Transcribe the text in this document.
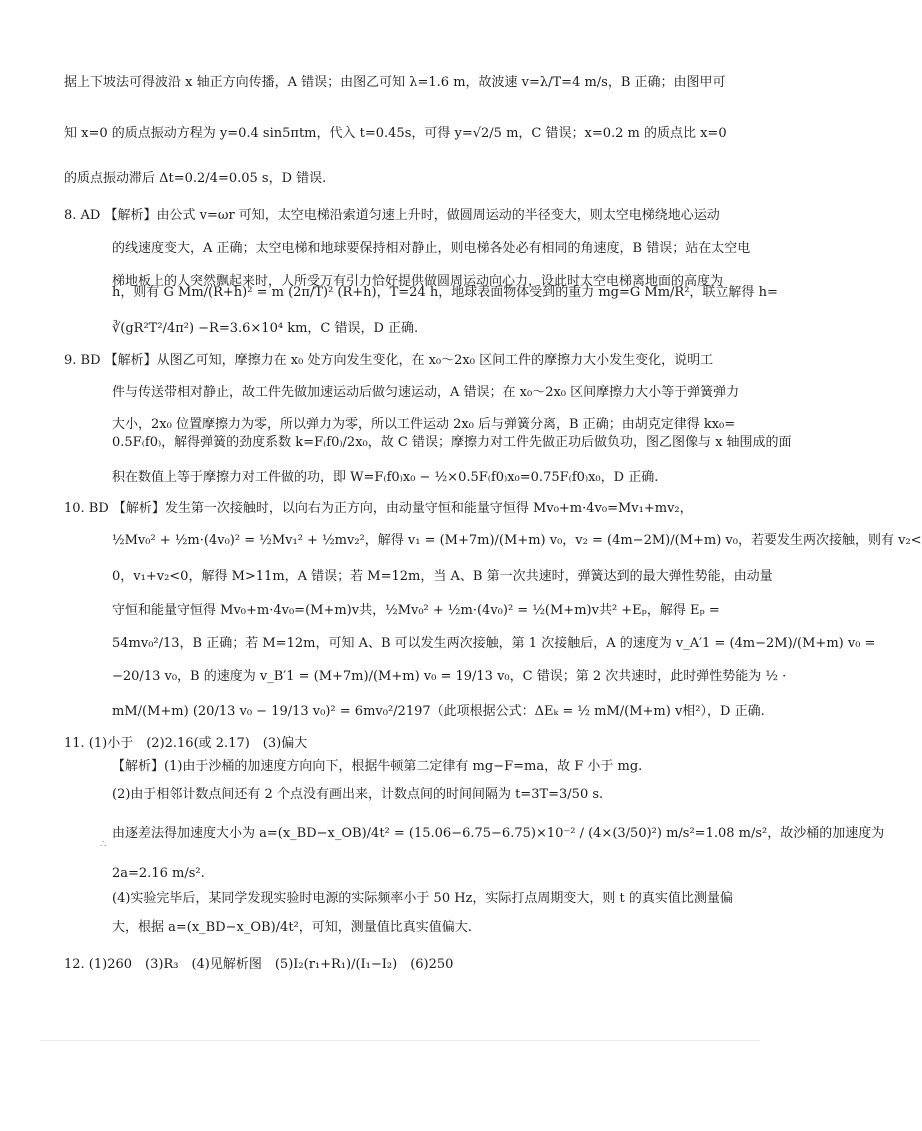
∴

据上下坡法可得波沿 x 轴正方向传播，A 错误；由图乙可知 λ=1.6 m，故波速 v=λ/T=4 m/s，B 正确；由图甲可

知 x=0 的质点振动方程为 y=0.4 sin5πtm，代入 t=0.45s，可得 y=√2/5 m，C 错误；x=0.2 m 的质点比 x=0

的质点振动滞后 Δt=0.2/4=0.05 s，D 错误.

8. AD 【解析】由公式 v=ωr 可知，太空电梯沿索道匀速上升时，做圆周运动的半径变大，则太空电梯绕地心运动

的线速度变大，A 正确；太空电梯和地球要保持相对静止，则电梯各处必有相同的角速度，B 错误；站在太空电

梯地板上的人突然飘起来时，人所受万有引力恰好提供做圆周运动向心力，设此时太空电梯离地面的高度为

h，则有 G Mm/(R+h)² = m (2π/T)² (R+h)，T=24 h，地球表面物体受到的重力 mg=G Mm/R²，联立解得 h=

∛(gR²T²/4π²) −R=3.6×10⁴ km，C 错误，D 正确.

9. BD 【解析】从图乙可知，摩擦力在 x₀ 处方向发生变化，在 x₀～2x₀ 区间工件的摩擦力大小发生变化，说明工

件与传送带相对静止，故工件先做加速运动后做匀速运动，A 错误；在 x₀～2x₀ 区间摩擦力大小等于弹簧弹力

大小，2x₀ 位置摩擦力为零，所以弹力为零，所以工件运动 2x₀ 后与弹簧分离，B 正确；由胡克定律得 kx₀=

0.5F₍f0₎，解得弹簧的劲度系数 k=F₍f0₎/2x₀，故 C 错误；摩擦力对工件先做正功后做负功，图乙图像与 x 轴围成的面

积在数值上等于摩擦力对工件做的功，即 W=F₍f0₎x₀ − ½×0.5F₍f0₎x₀=0.75F₍f0₎x₀，D 正确.

10. BD 【解析】发生第一次接触时，以向右为正方向，由动量守恒和能量守恒得 Mv₀+m·4v₀=Mv₁+mv₂，

½Mv₀² + ½m·(4v₀)² = ½Mv₁² + ½mv₂²，解得 v₁ = (M+7m)/(M+m) v₀，v₂ = (4m−2M)/(M+m) v₀，若要发生两次接触，则有 v₂<

0，v₁+v₂<0，解得 M>11m，A 错误；若 M=12m，当 A、B 第一次共速时，弹簧达到的最大弹性势能，由动量

守恒和能量守恒得 Mv₀+m·4v₀=(M+m)v共，½Mv₀² + ½m·(4v₀)² = ½(M+m)v共² +Eₚ，解得 Eₚ =

54mv₀²/13，B 正确；若 M=12m，可知 A、B 可以发生两次接触，第 1 次接触后，A 的速度为 v_A′1 = (4m−2M)/(M+m) v₀ =

−20/13 v₀，B 的速度为 v_B′1 = (M+7m)/(M+m) v₀ = 19/13 v₀，C 错误；第 2 次共速时，此时弹性势能为 ½ ·

mM/(M+m) (20/13 v₀ − 19/13 v₀)² = 6mv₀²/2197（此项根据公式：ΔEₖ = ½ mM/(M+m) v相²），D 正确.

11. (1)小于　(2)2.16(或 2.17)　(3)偏大

【解析】(1)由于沙桶的加速度方向向下，根据牛顿第二定律有 mg−F=ma，故 F 小于 mg.

(2)由于相邻计数点间还有 2 个点没有画出来，计数点间的时间间隔为 t=3T=3/50 s.

由逐差法得加速度大小为 a=(x_BD−x_OB)/4t² = (15.06−6.75−6.75)×10⁻² / (4×(3/50)²) m/s²=1.08 m/s²，故沙桶的加速度为

2a=2.16 m/s².

(4)实验完毕后，某同学发现实验时电源的实际频率小于 50 Hz，实际打点周期变大，则 t 的真实值比测量偏

大，根据 a=(x_BD−x_OB)/4t²，可知，测量值比真实值偏大.

12. (1)260　(3)R₃　(4)见解析图　(5)I₂(r₁+R₁)/(I₁−I₂)　(6)250
